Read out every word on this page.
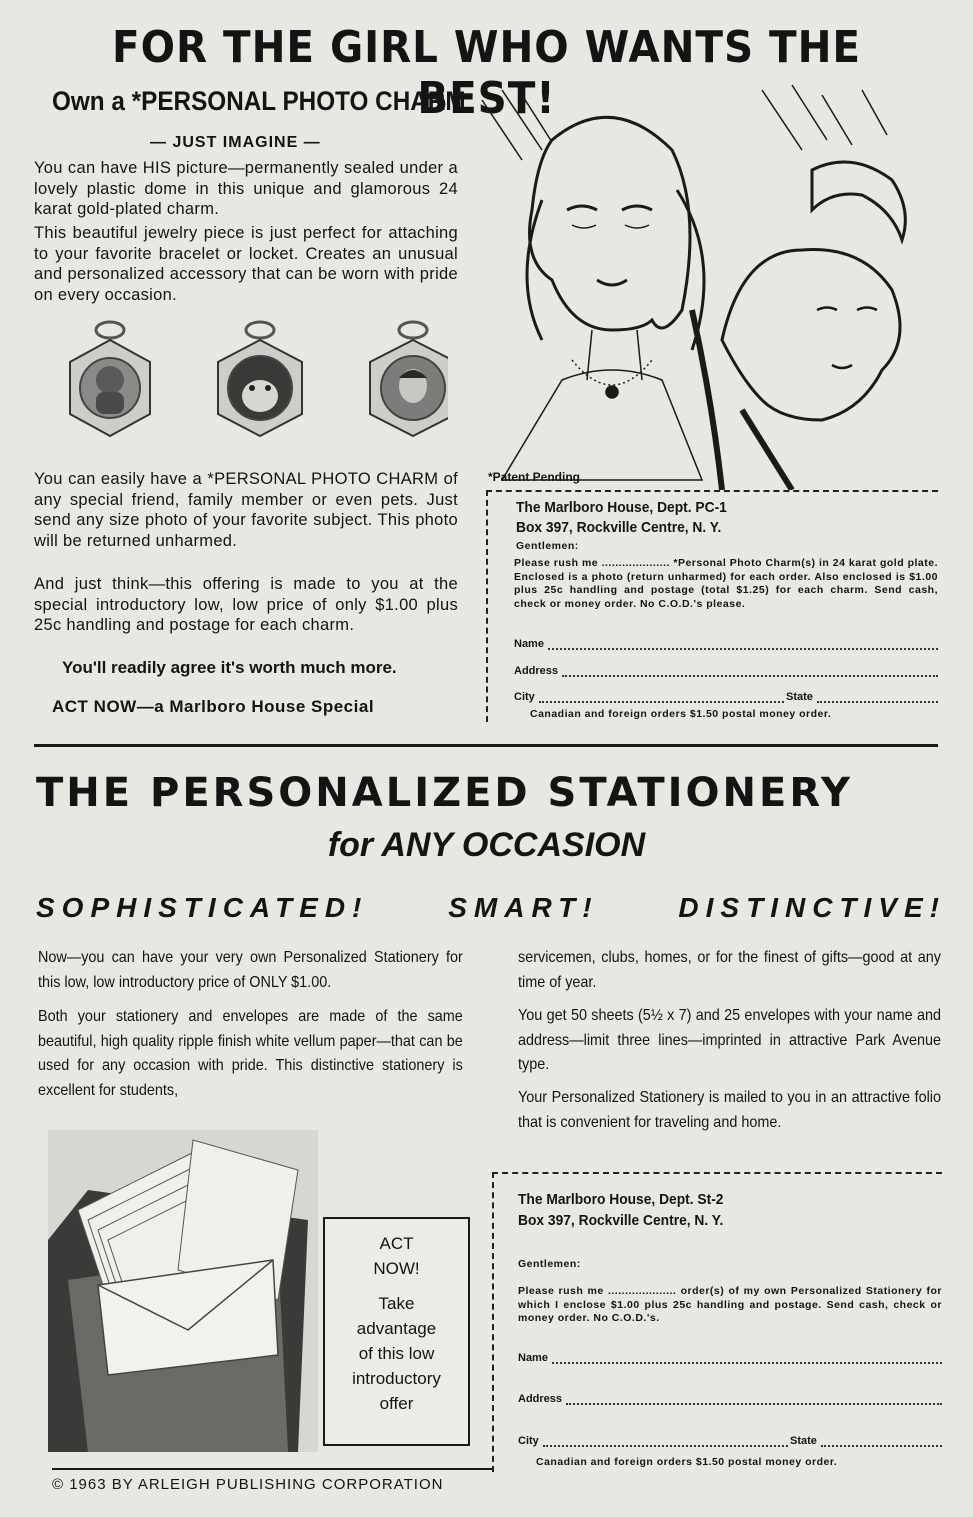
FOR THE GIRL WHO WANTS THE BEST!
Own a *PERSONAL PHOTO CHARM
— JUST IMAGINE —
You can have HIS picture—permanently sealed under a lovely plastic dome in this unique and glamorous 24 karat gold-plated charm.
This beautiful jewelry piece is just perfect for attaching to your favorite bracelet or locket. Creates an unusual and personalized accessory that can be worn with pride on every occasion.
You can easily have a *PERSONAL PHOTO CHARM of any special friend, family member or even pets. Just send any size photo of your favorite subject. This photo will be returned unharmed.
And just think—this offering is made to you at the special introductory low, low price of only $1.00 plus 25c handling and postage for each charm.
You'll readily agree it's worth much more.
ACT NOW—a Marlboro House Special
*Patent Pending
The Marlboro House, Dept. PC-1
Box 397, Rockville Centre, N. Y.
Gentlemen:
Please rush me .................... *Personal Photo Charm(s) in 24 karat gold plate. Enclosed is a photo (return unharmed) for each order. Also enclosed is $1.00 plus 25c handling and postage (total $1.25) for each charm. Send cash, check or money order. No C.O.D.'s please.
Name
Address
City	State
Canadian and foreign orders $1.50 postal money order.
THE PERSONALIZED STATIONERY
for ANY OCCASION
SOPHISTICATED!	SMART!	DISTINCTIVE!
Now—you can have your very own Personalized Stationery for this low, low introductory price of ONLY $1.00.
Both your stationery and envelopes are made of the same beautiful, high quality ripple finish white vellum paper—that can be used for any occasion with pride. This distinctive stationery is excellent for students,
servicemen, clubs, homes, or for the finest of gifts—good at any time of year.
You get 50 sheets (5½ x 7) and 25 envelopes with your name and address—limit three lines—imprinted in attractive Park Avenue type.
Your Personalized Stationery is mailed to you in an attractive folio that is convenient for traveling and home.
ACT
NOW!
Take
advantage
of this low
introductory
offer
The Marlboro House, Dept. St-2
Box 397, Rockville Centre, N. Y.
Gentlemen:
Please rush me .................... order(s) of my own Personalized Stationery for which I enclose $1.00 plus 25c handling and postage. Send cash, check or money order. No C.O.D.'s.
Name
Address
City	State
Canadian and foreign orders $1.50 postal money order.
© 1963 BY ARLEIGH PUBLISHING CORPORATION
